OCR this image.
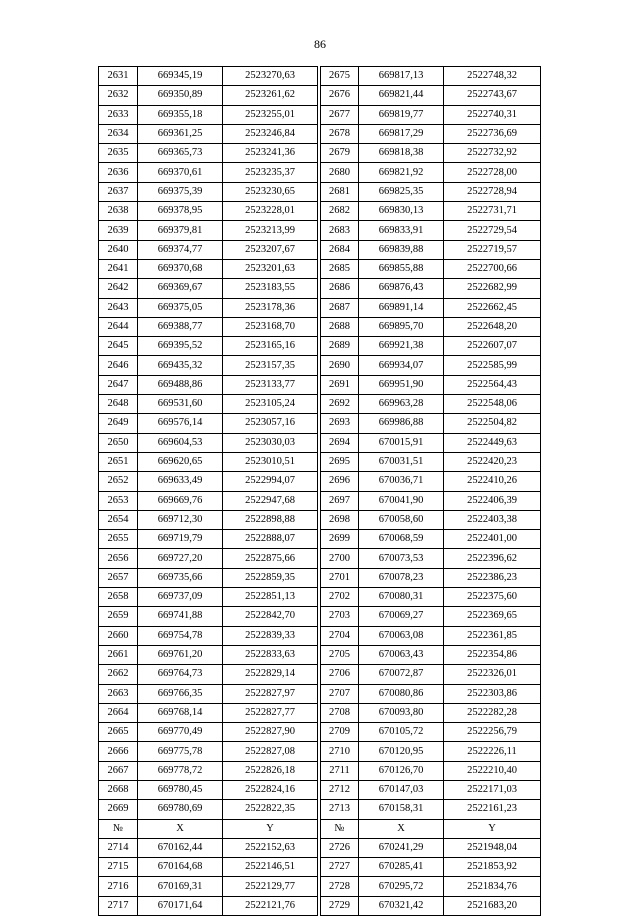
86
2631	669345,19	2523270,63		2675	669817,13	2522748,32
2632	669350,89	2523261,62		2676	669821,44	2522743,67
2633	669355,18	2523255,01		2677	669819,77	2522740,31
2634	669361,25	2523246,84		2678	669817,29	2522736,69
2635	669365,73	2523241,36		2679	669818,38	2522732,92
2636	669370,61	2523235,37		2680	669821,92	2522728,00
2637	669375,39	2523230,65		2681	669825,35	2522728,94
2638	669378,95	2523228,01		2682	669830,13	2522731,71
2639	669379,81	2523213,99		2683	669833,91	2522729,54
2640	669374,77	2523207,67		2684	669839,88	2522719,57
2641	669370,68	2523201,63		2685	669855,88	2522700,66
2642	669369,67	2523183,55		2686	669876,43	2522682,99
2643	669375,05	2523178,36		2687	669891,14	2522662,45
2644	669388,77	2523168,70		2688	669895,70	2522648,20
2645	669395,52	2523165,16		2689	669921,38	2522607,07
2646	669435,32	2523157,35		2690	669934,07	2522585,99
2647	669488,86	2523133,77		2691	669951,90	2522564,43
2648	669531,60	2523105,24		2692	669963,28	2522548,06
2649	669576,14	2523057,16		2693	669986,88	2522504,82
2650	669604,53	2523030,03		2694	670015,91	2522449,63
2651	669620,65	2523010,51		2695	670031,51	2522420,23
2652	669633,49	2522994,07		2696	670036,71	2522410,26
2653	669669,76	2522947,68		2697	670041,90	2522406,39
2654	669712,30	2522898,88		2698	670058,60	2522403,38
2655	669719,79	2522888,07		2699	670068,59	2522401,00
2656	669727,20	2522875,66		2700	670073,53	2522396,62
2657	669735,66	2522859,35		2701	670078,23	2522386,23
2658	669737,09	2522851,13		2702	670080,31	2522375,60
2659	669741,88	2522842,70		2703	670069,27	2522369,65
2660	669754,78	2522839,33		2704	670063,08	2522361,85
2661	669761,20	2522833,63		2705	670063,43	2522354,86
2662	669764,73	2522829,14		2706	670072,87	2522326,01
2663	669766,35	2522827,97		2707	670080,86	2522303,86
2664	669768,14	2522827,77		2708	670093,80	2522282,28
2665	669770,49	2522827,90		2709	670105,72	2522256,79
2666	669775,78	2522827,08		2710	670120,95	2522226,11
2667	669778,72	2522826,18		2711	670126,70	2522210,40
2668	669780,45	2522824,16		2712	670147,03	2522171,03
2669	669780,69	2522822,35		2713	670158,31	2522161,23
№	X	Y		№	X	Y
2714	670162,44	2522152,63		2726	670241,29	2521948,04
2715	670164,68	2522146,51		2727	670285,41	2521853,92
2716	670169,31	2522129,77		2728	670295,72	2521834,76
2717	670171,64	2522121,76		2729	670321,42	2521683,20
